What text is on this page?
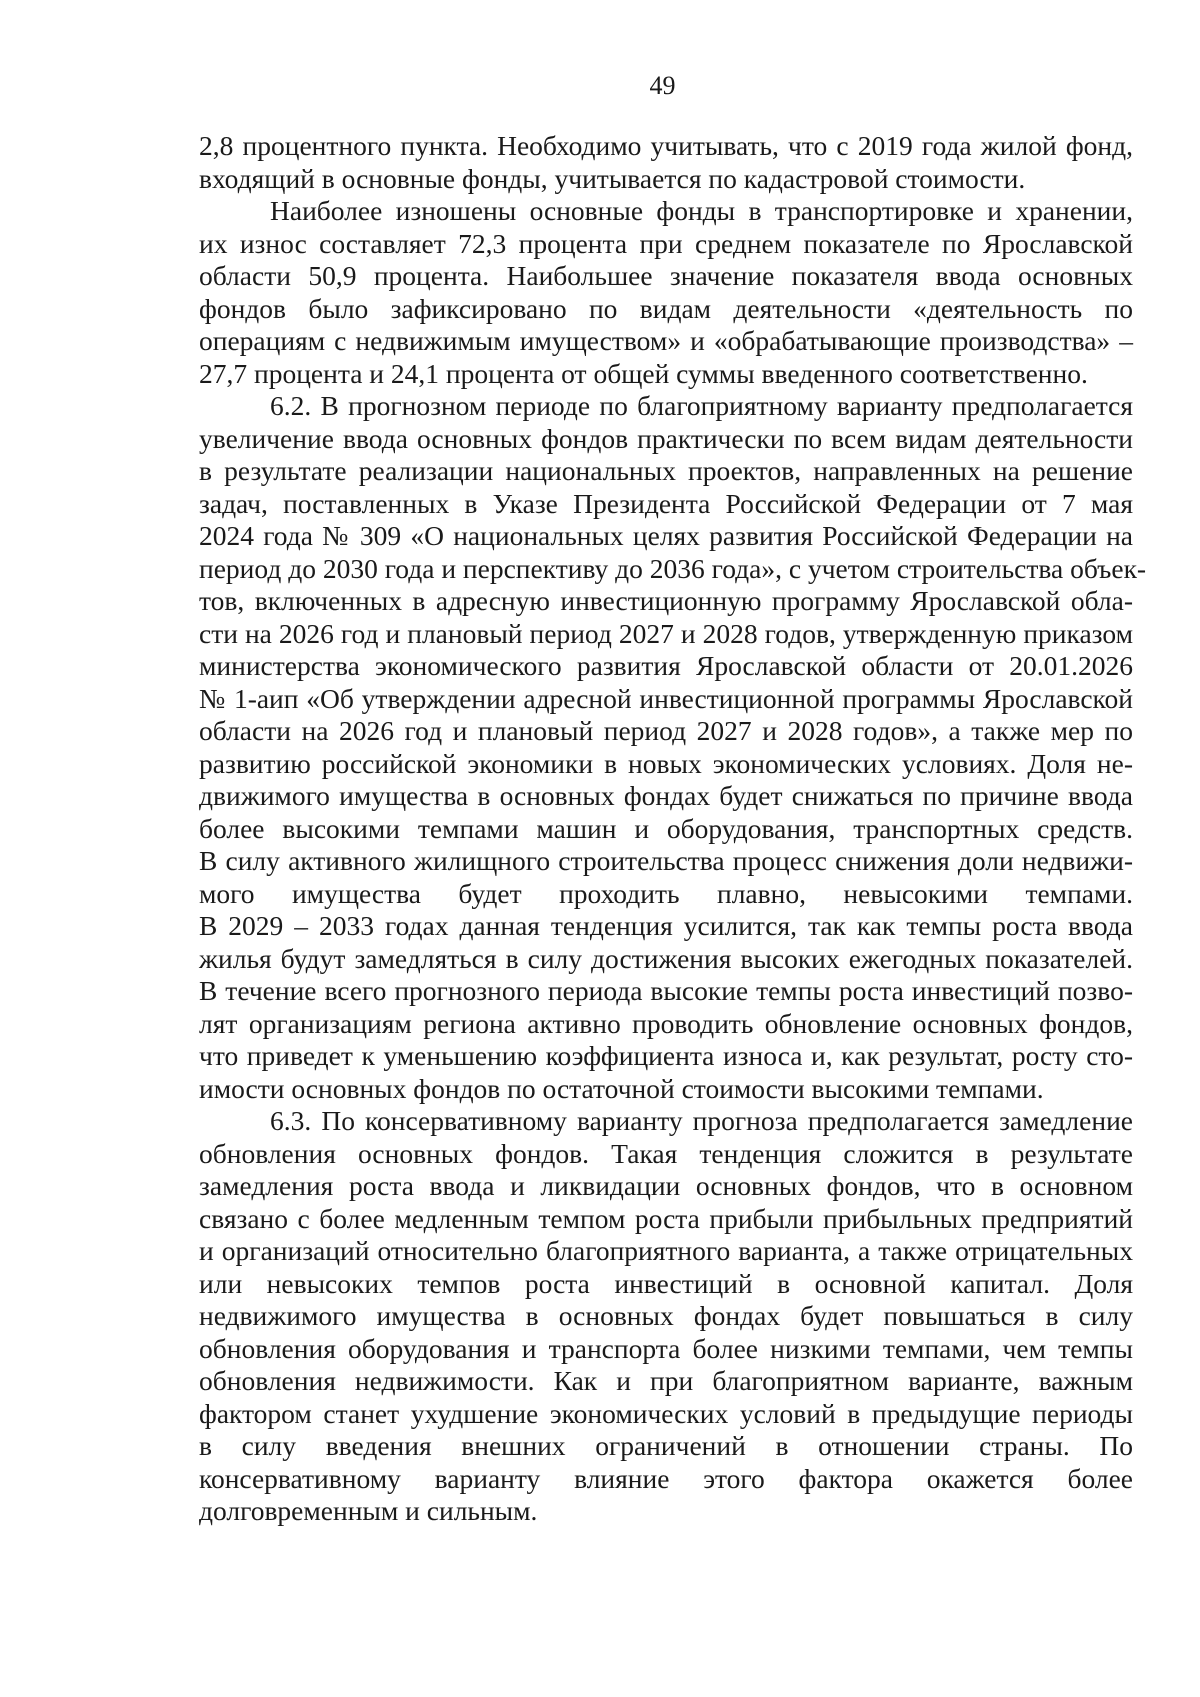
49
2,8 процентного пункта. Необходимо учитывать, что с 2019 года жилой фонд,
входящий в основные фонды, учитывается по кадастровой стоимости.
Наиболее изношены основные фонды в транспортировке и хранении,
их износ составляет 72,3 процента при среднем показателе по Ярославской
области 50,9 процента. Наибольшее значение показателя ввода основных
фондов было зафиксировано по видам деятельности «деятельность по
операциям с недвижимым имуществом» и «обрабатывающие производства» –
27,7 процента и 24,1 процента от общей суммы введенного соответственно.
6.2. В прогнозном периоде по благоприятному варианту предполагается
увеличение ввода основных фондов практически по всем видам деятельности
в результате реализации национальных проектов, направленных на решение
задач, поставленных в Указе Президента Российской Федерации от 7 мая
2024 года № 309 «О национальных целях развития Российской Федерации на
период до 2030 года и перспективу до 2036 года», с учетом строительства объек-
тов, включенных в адресную инвестиционную программу Ярославской обла-
сти на 2026 год и плановый период 2027 и 2028 годов, утвержденную приказом
министерства экономического развития Ярославской области от 20.01.2026
№ 1-аип «Об утверждении адресной инвестиционной программы Ярославской
области на 2026 год и плановый период 2027 и 2028 годов», а также мер по
развитию российской экономики в новых экономических условиях. Доля не-
движимого имущества в основных фондах будет снижаться по причине ввода
более высокими темпами машин и оборудования, транспортных средств.
В силу активного жилищного строительства процесс снижения доли недвижи-
мого имущества будет проходить плавно, невысокими темпами.
В 2029 – 2033 годах данная тенденция усилится, так как темпы роста ввода
жилья будут замедляться в силу достижения высоких ежегодных показателей.
В течение всего прогнозного периода высокие темпы роста инвестиций позво-
лят организациям региона активно проводить обновление основных фондов,
что приведет к уменьшению коэффициента износа и, как результат, росту сто-
имости основных фондов по остаточной стоимости высокими темпами.
6.3. По консервативному варианту прогноза предполагается замедление
обновления основных фондов. Такая тенденция сложится в результате
замедления роста ввода и ликвидации основных фондов, что в основном
связано с более медленным темпом роста прибыли прибыльных предприятий
и организаций относительно благоприятного варианта, а также отрицательных
или невысоких темпов роста инвестиций в основной капитал. Доля
недвижимого имущества в основных фондах будет повышаться в силу
обновления оборудования и транспорта более низкими темпами, чем темпы
обновления недвижимости. Как и при благоприятном варианте, важным
фактором станет ухудшение экономических условий в предыдущие периоды
в силу введения внешних ограничений в отношении страны. По
консервативному варианту влияние этого фактора окажется более
долговременным и сильным.
